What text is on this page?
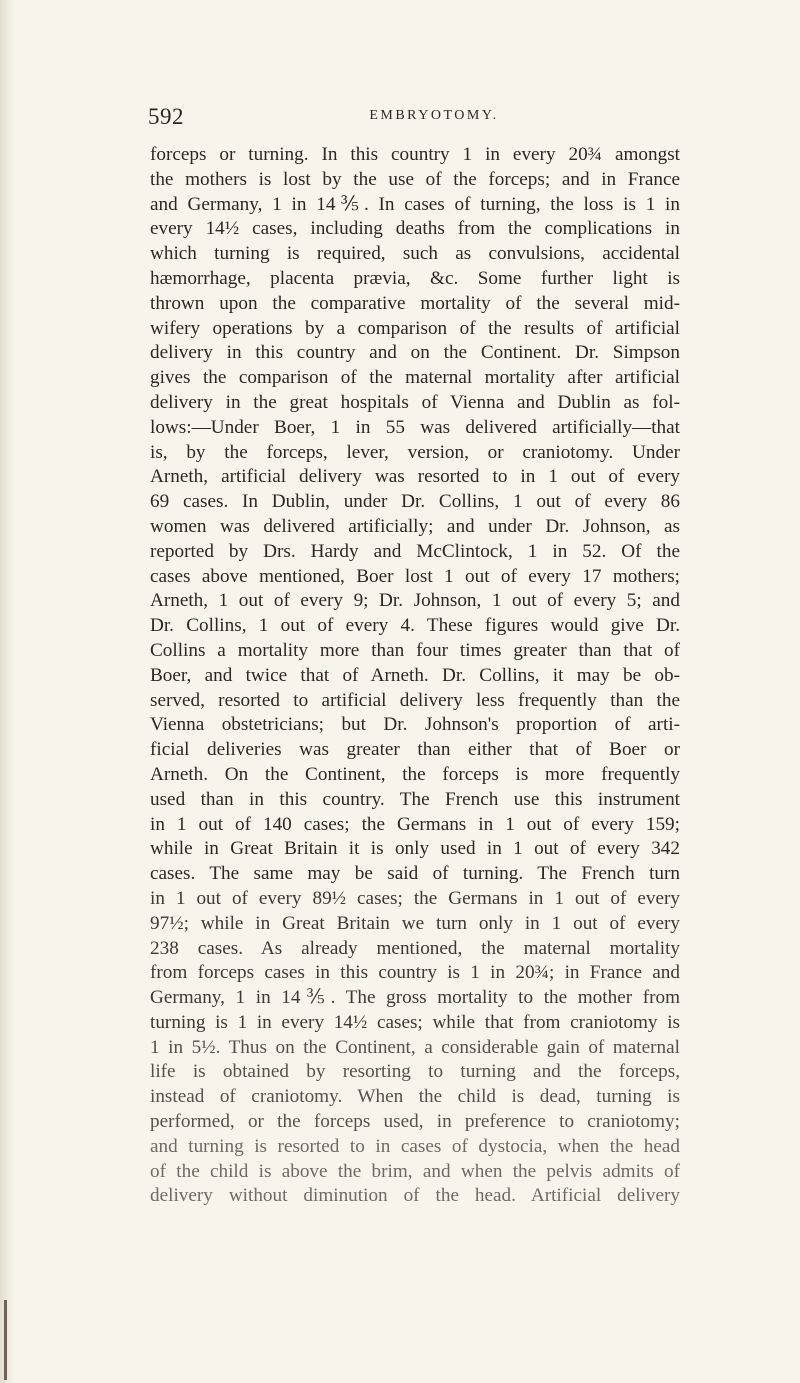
592	EMBRYOTOMY.
forceps or turning. In this country 1 in every 20¾ amongst
the mothers is lost by the use of the forceps; and in France
and Germany, 1 in 14⅗. In cases of turning, the loss is 1 in
every 14½ cases, including deaths from the complications in
which turning is required, such as convulsions, accidental
hæmorrhage, placenta prævia, &c. Some further light is
thrown upon the comparative mortality of the several mid-
wifery operations by a comparison of the results of artificial
delivery in this country and on the Continent. Dr. Simpson
gives the comparison of the maternal mortality after artificial
delivery in the great hospitals of Vienna and Dublin as fol-
lows:—Under Boer, 1 in 55 was delivered artificially—that
is, by the forceps, lever, version, or craniotomy. Under
Arneth, artificial delivery was resorted to in 1 out of every
69 cases. In Dublin, under Dr. Collins, 1 out of every 86
women was delivered artificially; and under Dr. Johnson, as
reported by Drs. Hardy and McClintock, 1 in 52. Of the
cases above mentioned, Boer lost 1 out of every 17 mothers;
Arneth, 1 out of every 9; Dr. Johnson, 1 out of every 5; and
Dr. Collins, 1 out of every 4. These figures would give Dr.
Collins a mortality more than four times greater than that of
Boer, and twice that of Arneth. Dr. Collins, it may be ob-
served, resorted to artificial delivery less frequently than the
Vienna obstetricians; but Dr. Johnson's proportion of arti-
ficial deliveries was greater than either that of Boer or
Arneth. On the Continent, the forceps is more frequently
used than in this country. The French use this instrument
in 1 out of 140 cases; the Germans in 1 out of every 159;
while in Great Britain it is only used in 1 out of every 342
cases. The same may be said of turning. The French turn
in 1 out of every 89½ cases; the Germans in 1 out of every
97½; while in Great Britain we turn only in 1 out of every
238 cases. As already mentioned, the maternal mortality
from forceps cases in this country is 1 in 20¾; in France and
Germany, 1 in 14⅗. The gross mortality to the mother from
turning is 1 in every 14½ cases; while that from craniotomy is
1 in 5½. Thus on the Continent, a considerable gain of maternal
life is obtained by resorting to turning and the forceps,
instead of craniotomy. When the child is dead, turning is
performed, or the forceps used, in preference to craniotomy;
and turning is resorted to in cases of dystocia, when the head
of the child is above the brim, and when the pelvis admits of
delivery without diminution of the head. Artificial delivery
